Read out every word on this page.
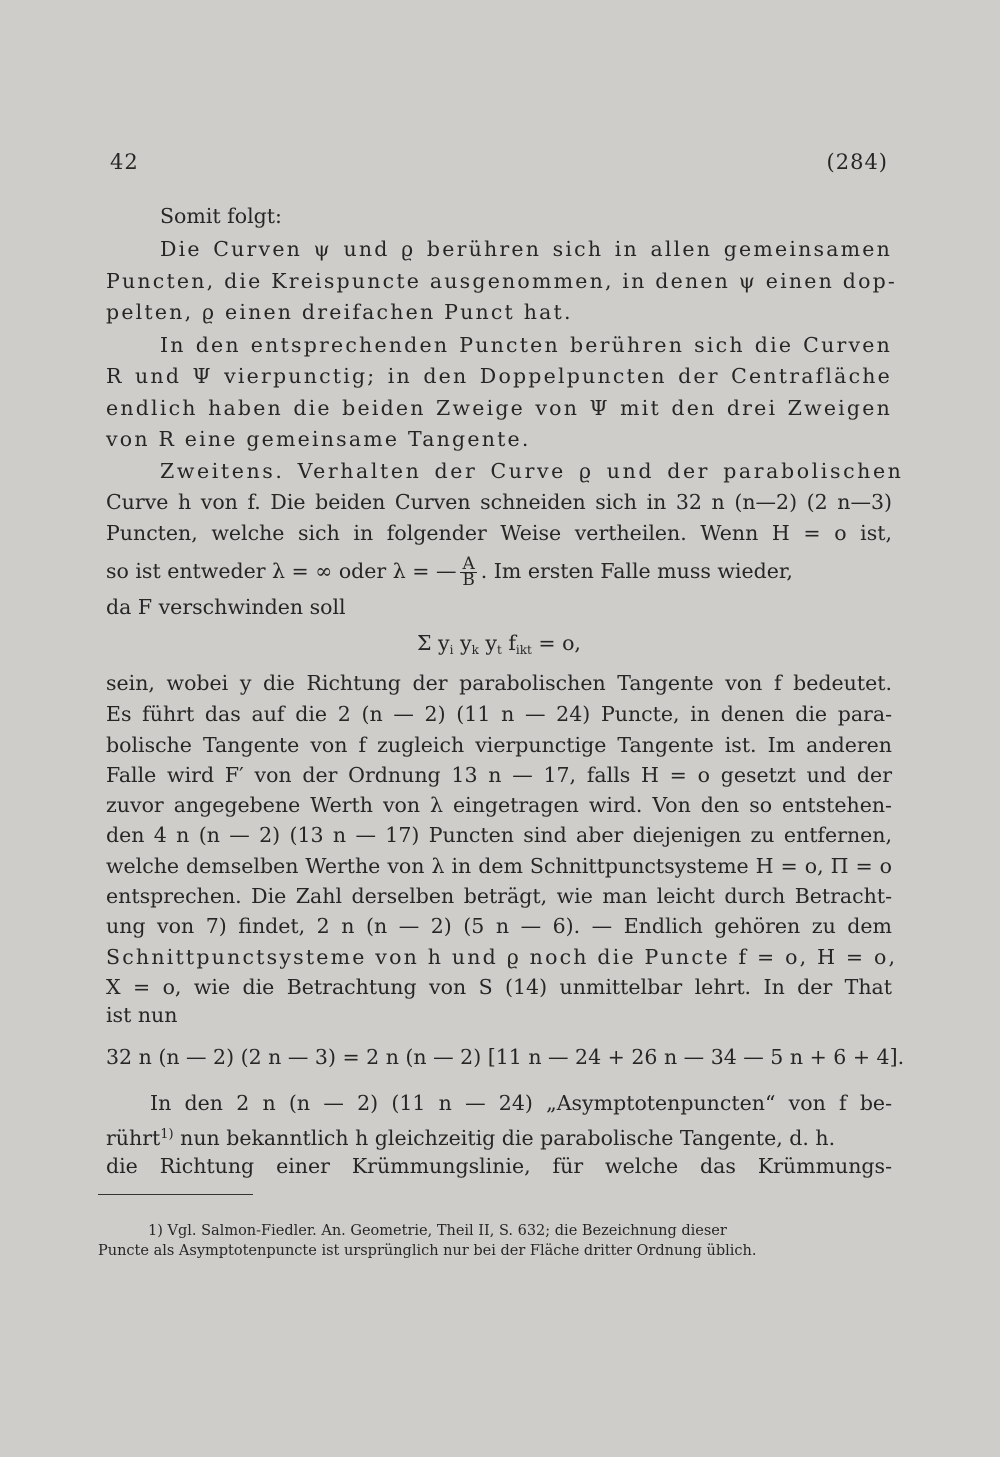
42	(284)
Somit folgt:
Die Curven ψ und ϱ berühren sich in allen gemeinsamen
Puncten, die Kreispuncte ausgenommen, in denen ψ einen dop-
pelten, ϱ einen dreifachen Punct hat.
In den entsprechenden Puncten berühren sich die Curven
R und Ψ vierpunctig; in den Doppelpuncten der Centrafläche
endlich haben die beiden Zweige von Ψ mit den drei Zweigen
von R eine gemeinsame Tangente.
Zweitens. Verhalten der Curve ϱ und der parabolischen
Curve h von f. Die beiden Curven schneiden sich in 32 n (n—2) (2 n—3)
Puncten, welche sich in folgender Weise vertheilen. Wenn H = o ist,
so ist entweder λ = ∞ oder λ = — $\frac{A}{B}$ . Im ersten Falle muss wieder,
da F verschwinden soll
Σ $y_i$ $y_k$ $y_t$ $f_{ikt} = o$,
sein, wobei y die Richtung der parabolischen Tangente von f bedeutet.
Es führt das auf die 2 (n — 2) (11 n — 24) Puncte, in denen die para-
bolische Tangente von f zugleich vierpunctige Tangente ist. Im anderen
Falle wird F′ von der Ordnung 13 n — 17, falls H = o gesetzt und der
zuvor angegebene Werth von λ eingetragen wird. Von den so entstehen-
den 4 n (n — 2) (13 n — 17) Puncten sind aber diejenigen zu entfernen,
welche demselben Werthe von λ in dem Schnittpunctsysteme H = o, Π = o
entsprechen. Die Zahl derselben beträgt, wie man leicht durch Betracht-
ung von 7) findet, 2 n (n — 2) (5 n — 6). — Endlich gehören zu dem
Schnittpunctsysteme von h und ϱ noch die Puncte f = o, H = o,
X = o, wie die Betrachtung von S (14) unmittelbar lehrt. In der That
ist nun
32 n (n — 2) (2 n — 3) = 2 n (n — 2) [11 n — 24 + 26 n — 34 — 5 n + 6 + 4].
In den 2 n (n — 2) (11 n — 24) „Asymptotenpuncten“ von f be-
rührt$^{1)}$ nun bekanntlich h gleichzeitig die parabolische Tangente, d. h.
die Richtung einer Krümmungslinie, für welche das Krümmungs-
1) Vgl. Salmon-Fiedler. An. Geometrie, Theil II, S. 632; die Bezeichnung dieser
Puncte als Asymptotenpuncte ist ursprünglich nur bei der Fläche dritter Ordnung üblich.
